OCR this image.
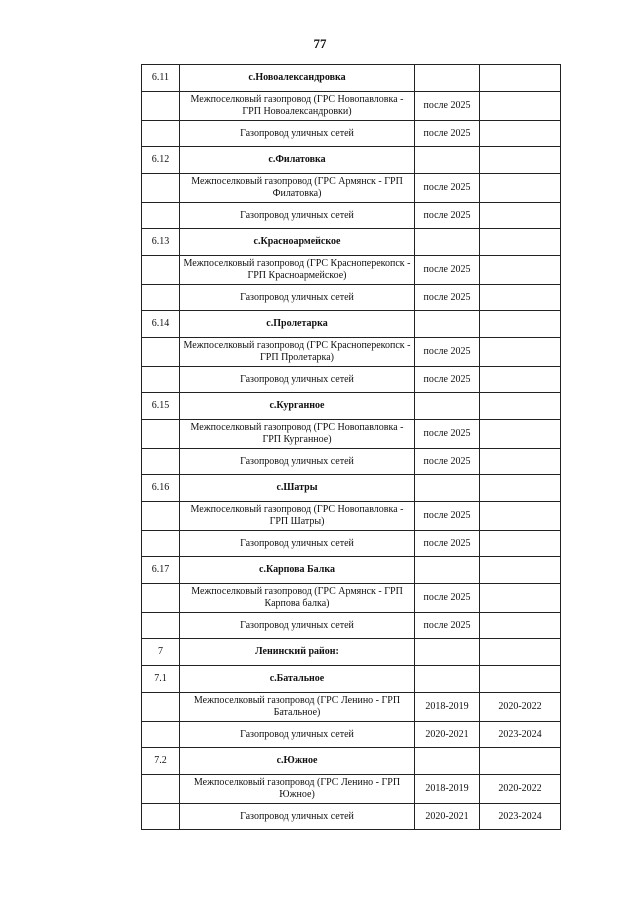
77
6.11	с.Новоалександровка		
	Межпоселковый газопровод (ГРС Новопавловка - ГРП Новоалександровки)	после 2025	
	Газопровод уличных сетей	после 2025	
6.12	с.Филатовка		
	Межпоселковый газопровод (ГРС Армянск - ГРП Филатовка)	после 2025	
	Газопровод уличных сетей	после 2025	
6.13	с.Красноармейское		
	Межпоселковый газопровод (ГРС Красноперекопск - ГРП Красноармейское)	после 2025	
	Газопровод уличных сетей	после 2025	
6.14	с.Пролетарка		
	Межпоселковый газопровод (ГРС Красноперекопск - ГРП Пролетарка)	после 2025	
	Газопровод уличных сетей	после 2025	
6.15	с.Курганное		
	Межпоселковый газопровод (ГРС Новопавловка - ГРП Курганное)	после 2025	
	Газопровод уличных сетей	после 2025	
6.16	с.Шатры		
	Межпоселковый газопровод (ГРС Новопавловка - ГРП Шатры)	после 2025	
	Газопровод уличных сетей	после 2025	
6.17	с.Карпова Балка		
	Межпоселковый газопровод (ГРС Армянск - ГРП Карпова балка)	после 2025	
	Газопровод уличных сетей	после 2025	
7	Ленинский район:		
7.1	с.Батальное		
	Межпоселковый газопровод (ГРС Ленино - ГРП Батальное)	2018-2019	2020-2022
	Газопровод уличных сетей	2020-2021	2023-2024
7.2	с.Южное		
	Межпоселковый газопровод (ГРС Ленино - ГРП Южное)	2018-2019	2020-2022
	Газопровод уличных сетей	2020-2021	2023-2024
